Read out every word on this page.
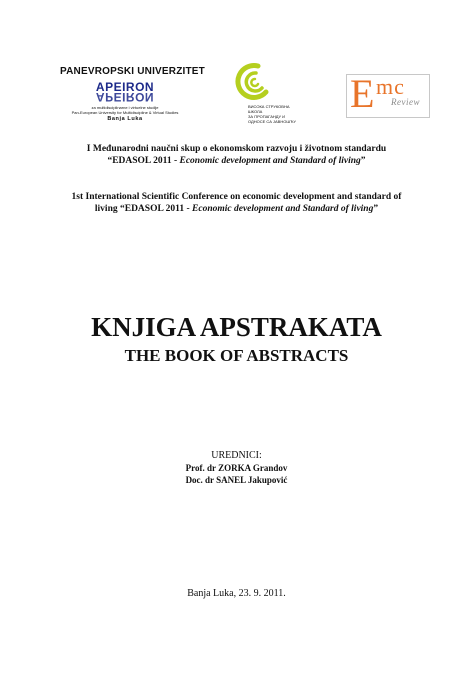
PANEVROPSKI UNIVERZITET
APEIRON
APEIRON
za multidisciplinarne i virtuelne studije
Pan-European University for Multidiscipline & Virtual Studies
Banja Luka
ВИСОКА СТРУКОВНА ШКОЛА
ЗА ПРОПАГАНДУ И
ОДНОСЕ СА ЈАВНОШЋУ
E mc
Review
I Međunarodni naučni skup o ekonomskom razvoju i životnom standardu
“EDASOL 2011 - Economic development and Standard of living”
1st International Scientific Conference on economic development and standard of
living “EDASOL 2011 - Economic development and Standard of living”
KNJIGA APSTRAKATA
THE BOOK OF ABSTRACTS
UREDNICI:
Prof. dr ZORKA Grandov
Doc. dr SANEL Jakupović
Banja Luka, 23. 9. 2011.
